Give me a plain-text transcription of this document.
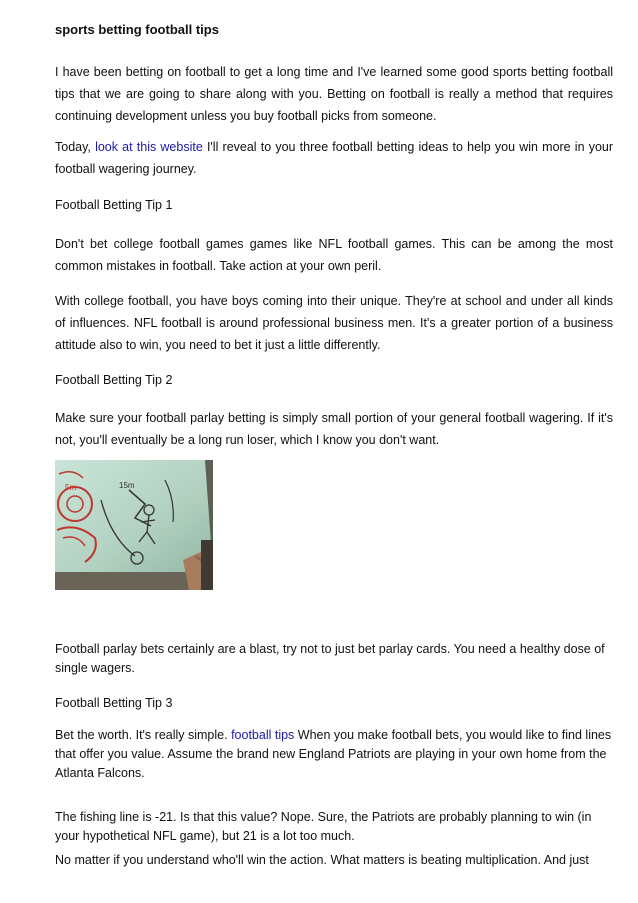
sports betting football tips

I have been betting on football to get a long time and I've learned some good sports betting football tips that we are going to share along with you. Betting on football is really a method that requires continuing development unless you buy football picks from someone.

Today, look at this website I'll reveal to you three football betting ideas to help you win more in your football wagering journey.

Football Betting Tip 1

Don't bet college football games games like NFL football games. This can be among the most common mistakes in football. Take action at your own peril.

With college football, you have boys coming into their unique. They're at school and under all kinds of influences. NFL football is around professional business men. It's a greater portion of a business attitude also to win, you need to bet it just a little differently.

Football Betting Tip 2

Make sure your football parlay betting is simply small portion of your general football wagering. If it's not, you'll eventually be a long run loser, which I know you don't want.

5m	15m

Football parlay bets certainly are a blast, try not to just bet parlay cards. You need a healthy dose of single wagers.

Football Betting Tip 3

Bet the worth. It's really simple. football tips When you make football bets, you would like to find lines that offer you value. Assume the brand new England Patriots are playing in your own home from the Atlanta Falcons.

The fishing line is -21. Is that this value? Nope. Sure, the Patriots are probably planning to win (in your hypothetical NFL game), but 21 is a lot too much.

No matter if you understand who'll win the action. What matters is beating multiplication. And just
